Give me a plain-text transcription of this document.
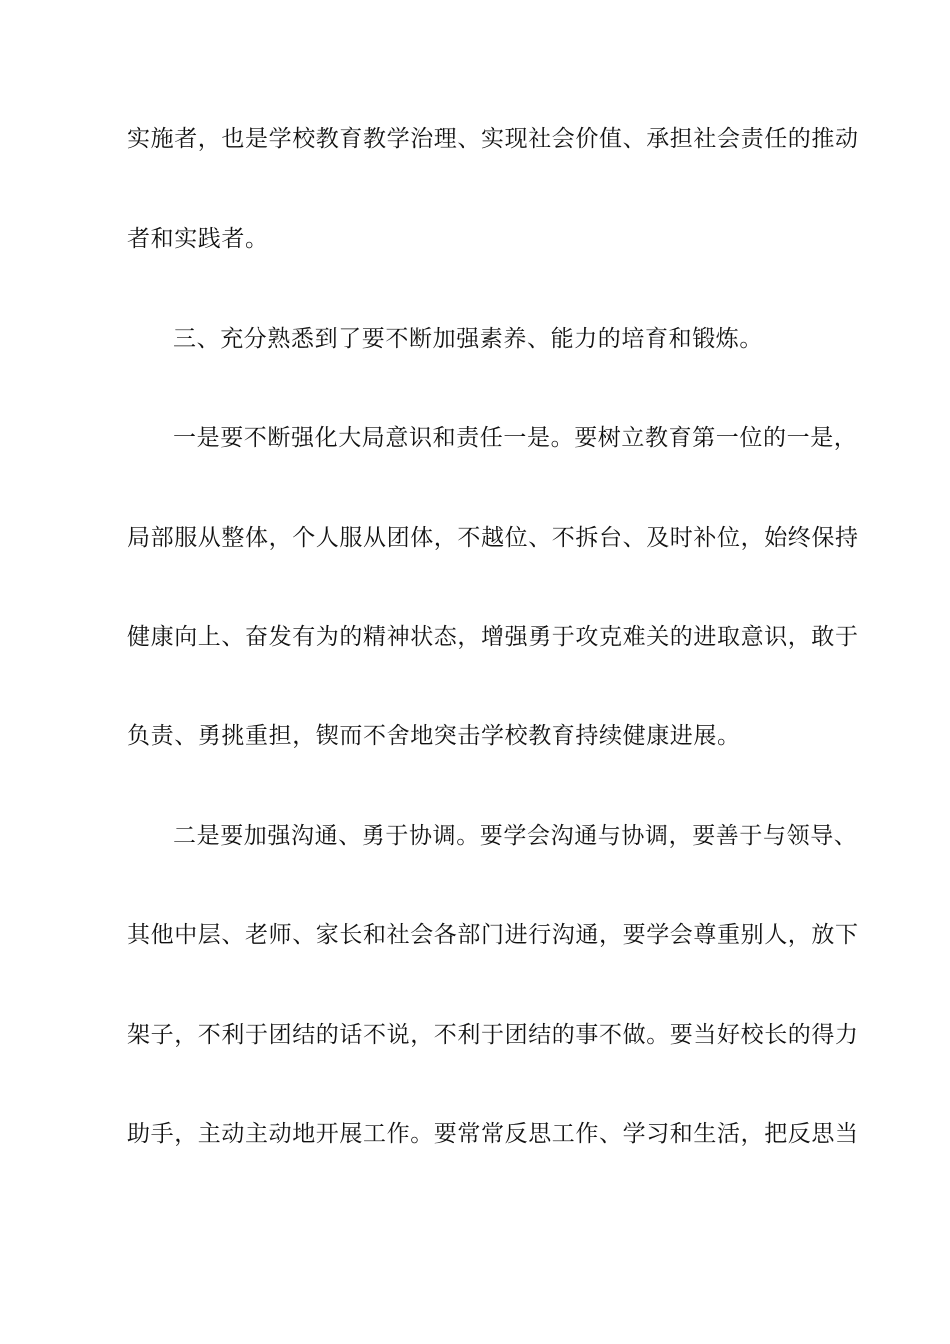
实施者，也是学校教育教学治理、实现社会价值、承担社会责任的推动
者和实践者。
三、充分熟悉到了要不断加强素养、能力的培育和锻炼。
一是要不断强化大局意识和责任一是。要树立教育第一位的一是，
局部服从整体，个人服从团体，不越位、不拆台、及时补位，始终保持
健康向上、奋发有为的精神状态，增强勇于攻克难关的进取意识，敢于
负责、勇挑重担，锲而不舍地突击学校教育持续健康进展。
二是要加强沟通、勇于协调。要学会沟通与协调，要善于与领导、
其他中层、老师、家长和社会各部门进行沟通，要学会尊重别人，放下
架子，不利于团结的话不说，不利于团结的事不做。要当好校长的得力
助手，主动主动地开展工作。要常常反思工作、学习和生活，把反思当
